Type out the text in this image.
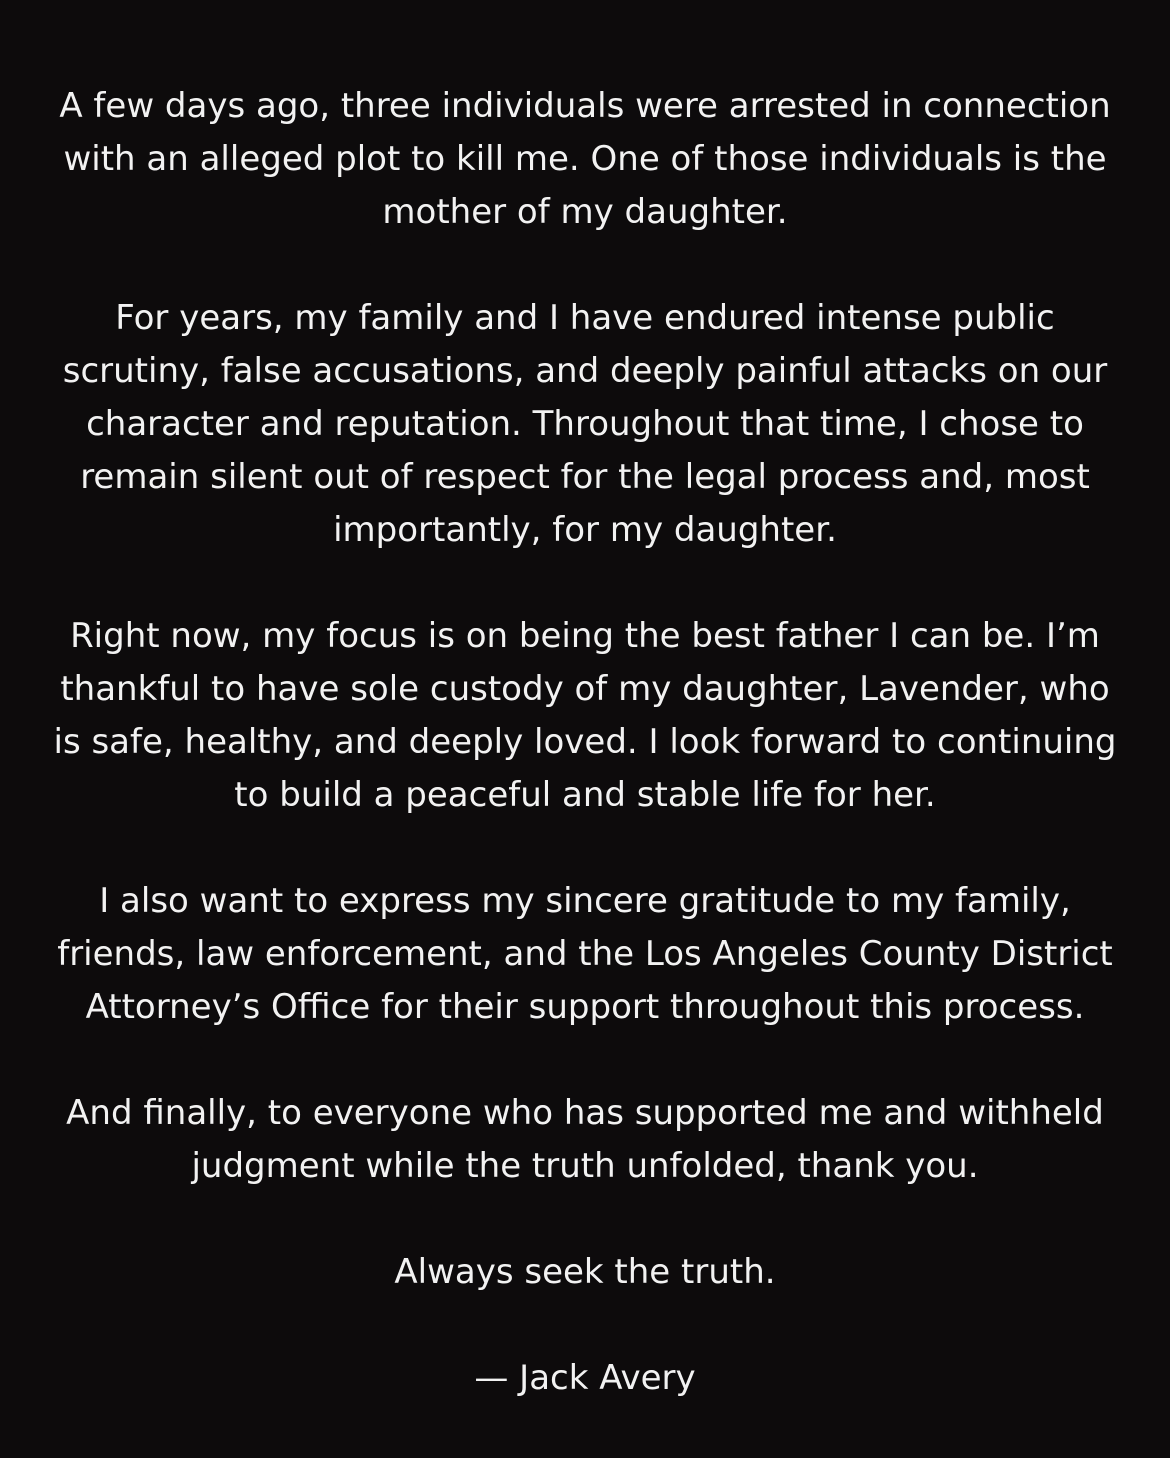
A few days ago, three individuals were arrested in connection
with an alleged plot to kill me. One of those individuals is the
mother of my daughter.

For years, my family and I have endured intense public
scrutiny, false accusations, and deeply painful attacks on our
character and reputation. Throughout that time, I chose to
remain silent out of respect for the legal process and, most
importantly, for my daughter.

Right now, my focus is on being the best father I can be. I’m
thankful to have sole custody of my daughter, Lavender, who
is safe, healthy, and deeply loved. I look forward to continuing
to build a peaceful and stable life for her.

I also want to express my sincere gratitude to my family,
friends, law enforcement, and the Los Angeles County District
Attorney’s Office for their support throughout this process.

And finally, to everyone who has supported me and withheld
judgment while the truth unfolded, thank you.

Always seek the truth.

— Jack Avery
